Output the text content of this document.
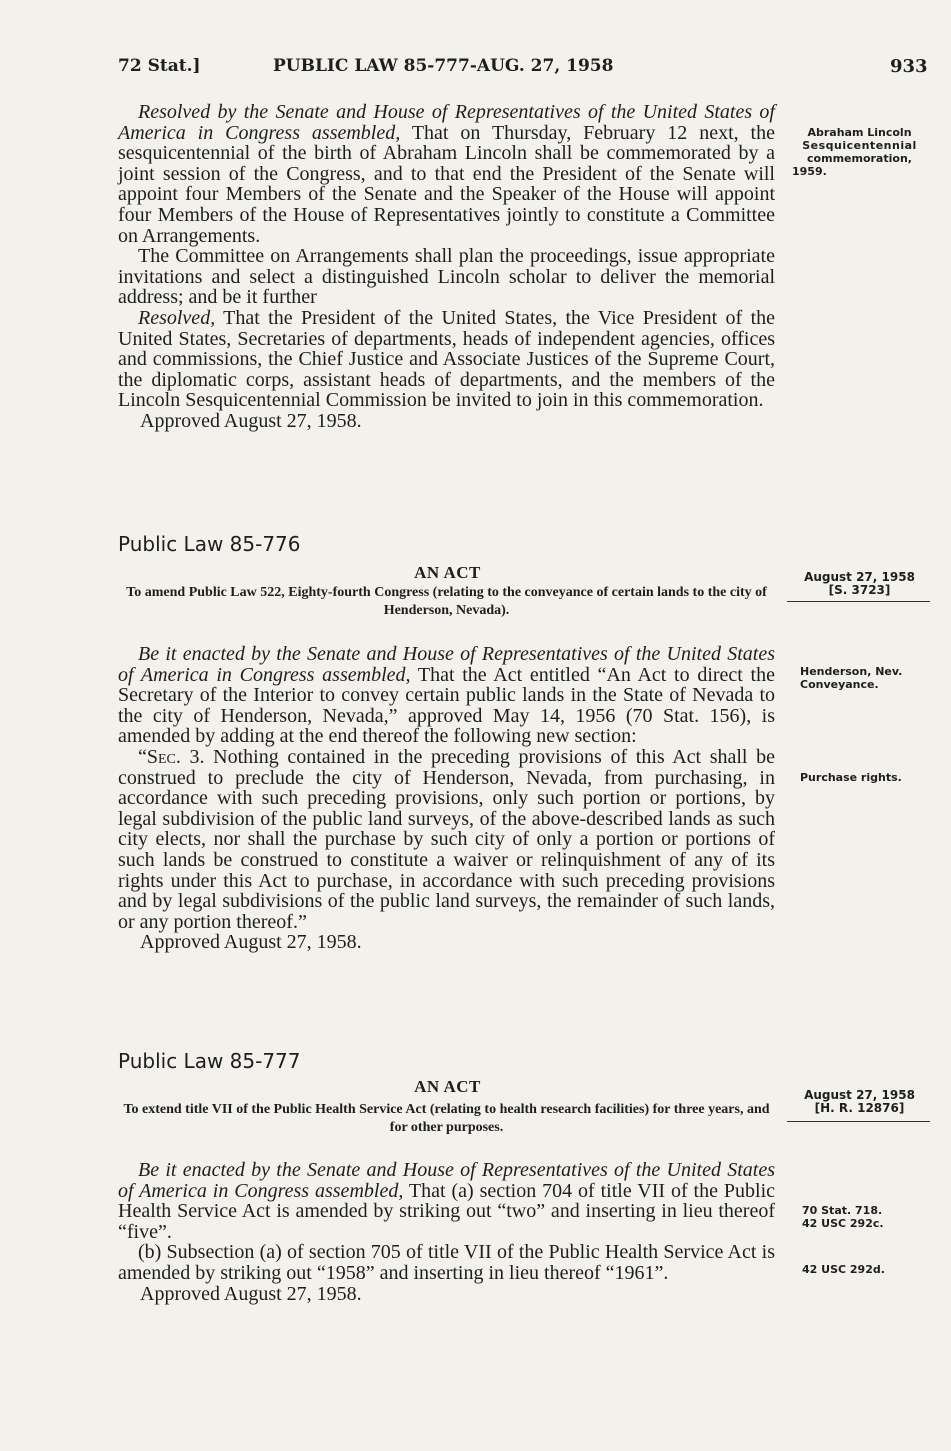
72 Stat.]	PUBLIC LAW 85-777-AUG. 27, 1958	933

Resolved by the Senate and House of Representatives of the United States of America in Congress assembled, That on Thursday, February 12 next, the sesquicentennial of the birth of Abraham Lincoln shall be commemorated by a joint session of the Congress, and to that end the President of the Senate will appoint four Members of the Senate and the Speaker of the House will appoint four Members of the House of Representatives jointly to constitute a Committee on Arrangements.

The Committee on Arrangements shall plan the proceedings, issue appropriate invitations and select a distinguished Lincoln scholar to deliver the memorial address; and be it further

Resolved, That the President of the United States, the Vice President of the United States, Secretaries of departments, heads of independent agencies, offices and commissions, the Chief Justice and Associate Justices of the Supreme Court, the diplomatic corps, assistant heads of departments, and the members of the Lincoln Sesquicentennial Commission be invited to join in this commemoration.

Approved August 27, 1958.

Abraham Lincoln
Sesquicentennial
commemoration,
1959.
Public Law 85-776
AN ACT
To amend Public Law 522, Eighty-fourth Congress (relating to the conveyance of certain lands to the city of Henderson, Nevada).
August 27, 1958
[S. 3723]

Be it enacted by the Senate and House of Representatives of the United States of America in Congress assembled, That the Act entitled “An Act to direct the Secretary of the Interior to convey certain public lands in the State of Nevada to the city of Henderson, Nevada,” approved May 14, 1956 (70 Stat. 156), is amended by adding at the end thereof the following new section:

“Sec. 3. Nothing contained in the preceding provisions of this Act shall be construed to preclude the city of Henderson, Nevada, from purchasing, in accordance with such preceding provisions, only such portion or portions, by legal subdivision of the public land surveys, of the above-described lands as such city elects, nor shall the purchase by such city of only a portion or portions of such lands be construed to constitute a waiver or relinquishment of any of its rights under this Act to purchase, in accordance with such preceding provisions and by legal subdivisions of the public land surveys, the remainder of such lands, or any portion thereof.”

Approved August 27, 1958.

Henderson, Nev.
Conveyance.
Purchase rights.
Public Law 85-777
AN ACT
To extend title VII of the Public Health Service Act (relating to health research facilities) for three years, and for other purposes.
August 27, 1958
[H. R. 12876]

Be it enacted by the Senate and House of Representatives of the United States of America in Congress assembled, That (a) section 704 of title VII of the Public Health Service Act is amended by striking out “two” and inserting in lieu thereof “five”.

(b) Subsection (a) of section 705 of title VII of the Public Health Service Act is amended by striking out “1958” and inserting in lieu thereof “1961”.

Approved August 27, 1958.

70 Stat. 718.
42 USC 292c.
42 USC 292d.
